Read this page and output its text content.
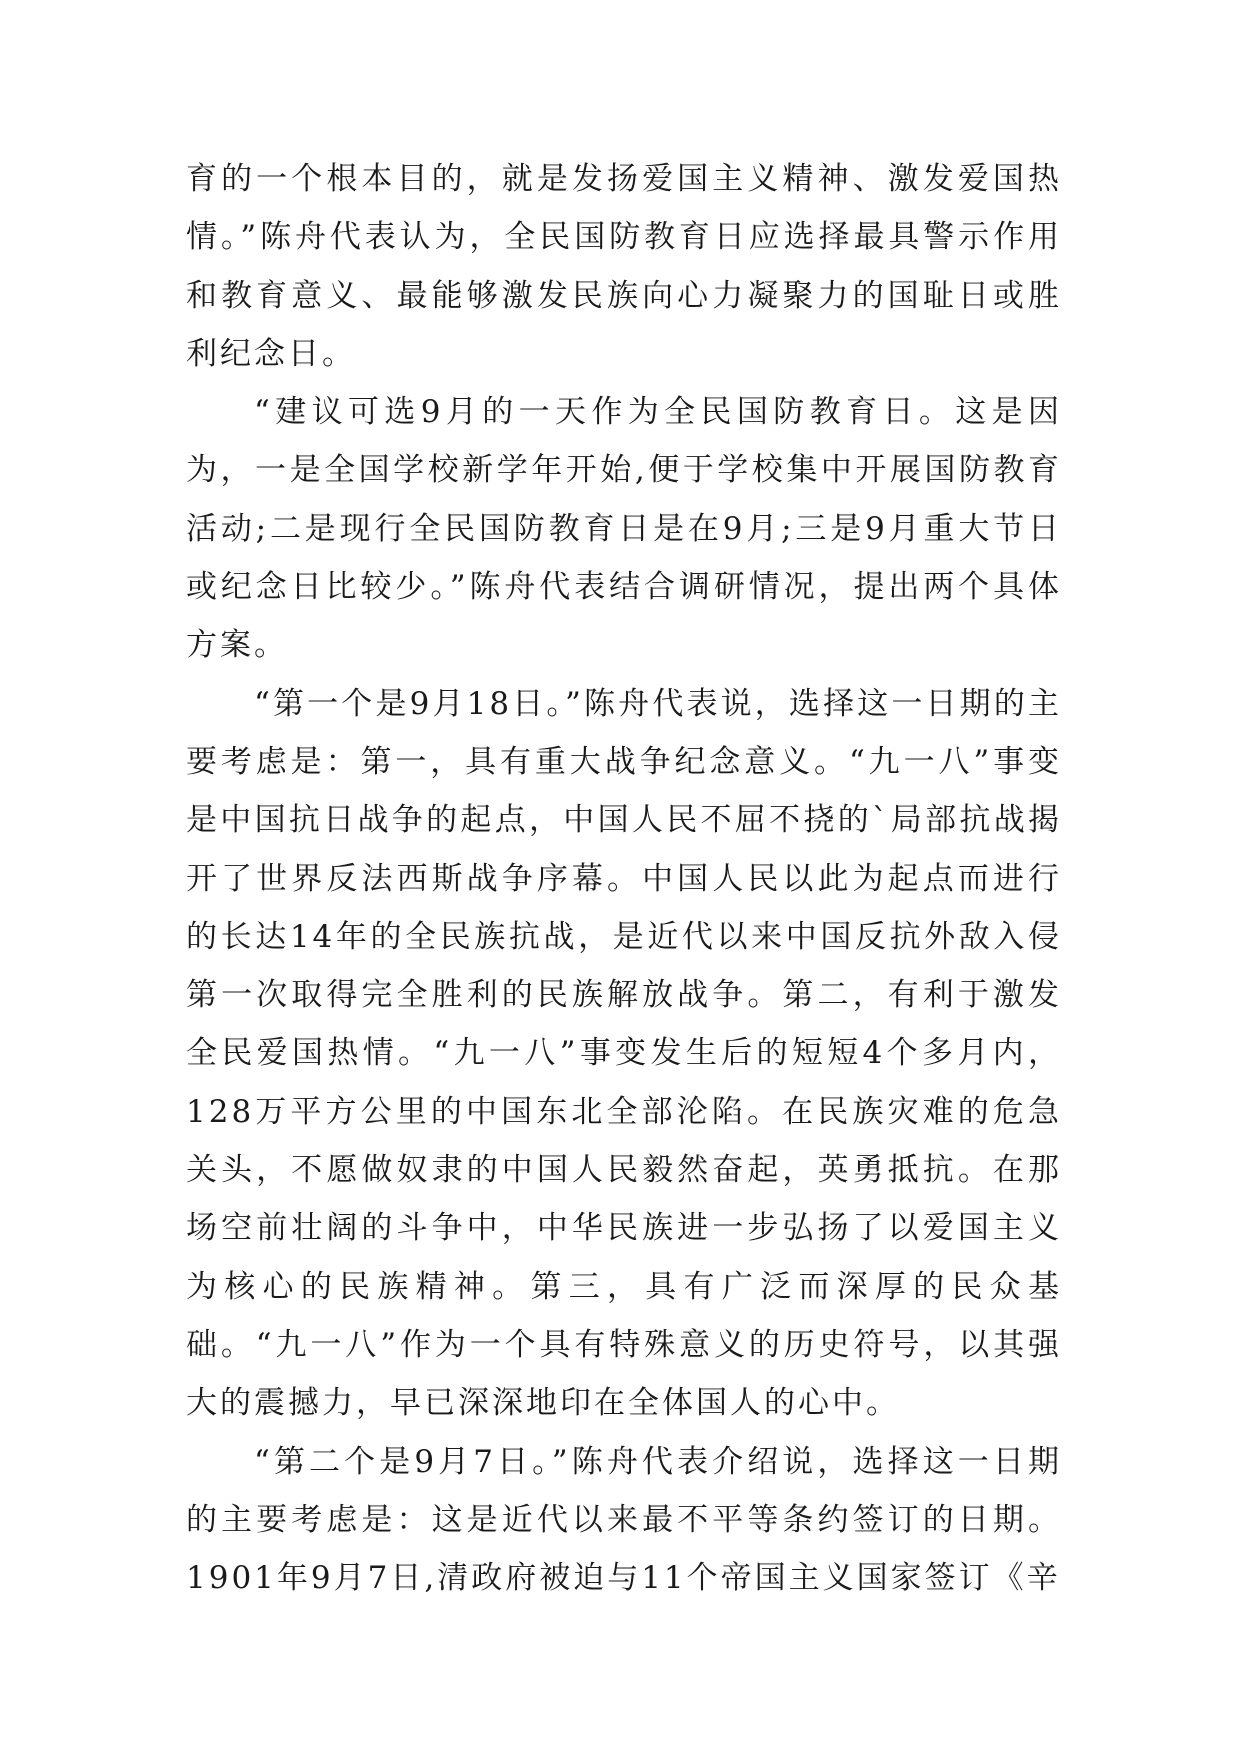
育的一个根本目的，就是发扬爱国主义精神、激发爱国热情。”陈舟代表认为，全民国防教育日应选择最具警示作用和教育意义、最能够激发民族向心力凝聚力的国耻日或胜利纪念日。

“建议可选9月的一天作为全民国防教育日。这是因为，一是全国学校新学年开始,便于学校集中开展国防教育活动;二是现行全民国防教育日是在9月;三是9月重大节日或纪念日比较少。”陈舟代表结合调研情况，提出两个具体方案。

“第一个是9月18日。”陈舟代表说，选择这一日期的主要考虑是：第一，具有重大战争纪念意义。“九一八”事变是中国抗日战争的起点，中国人民不屈不挠的`局部抗战揭开了世界反法西斯战争序幕。中国人民以此为起点而进行的长达14年的全民族抗战，是近代以来中国反抗外敌入侵第一次取得完全胜利的民族解放战争。第二，有利于激发全民爱国热情。“九一八”事变发生后的短短4个多月内，128万平方公里的中国东北全部沦陷。在民族灾难的危急关头，不愿做奴隶的中国人民毅然奋起，英勇抵抗。在那场空前壮阔的斗争中，中华民族进一步弘扬了以爱国主义为核心的民族精神。第三，具有广泛而深厚的民众基础。“九一八”作为一个具有特殊意义的历史符号，以其强大的震撼力，早已深深地印在全体国人的心中。

“第二个是9月7日。”陈舟代表介绍说，选择这一日期的主要考虑是：这是近代以来最不平等条约签订的日期。1901年9月7日,清政府被迫与11个帝国主义国家签订《辛
